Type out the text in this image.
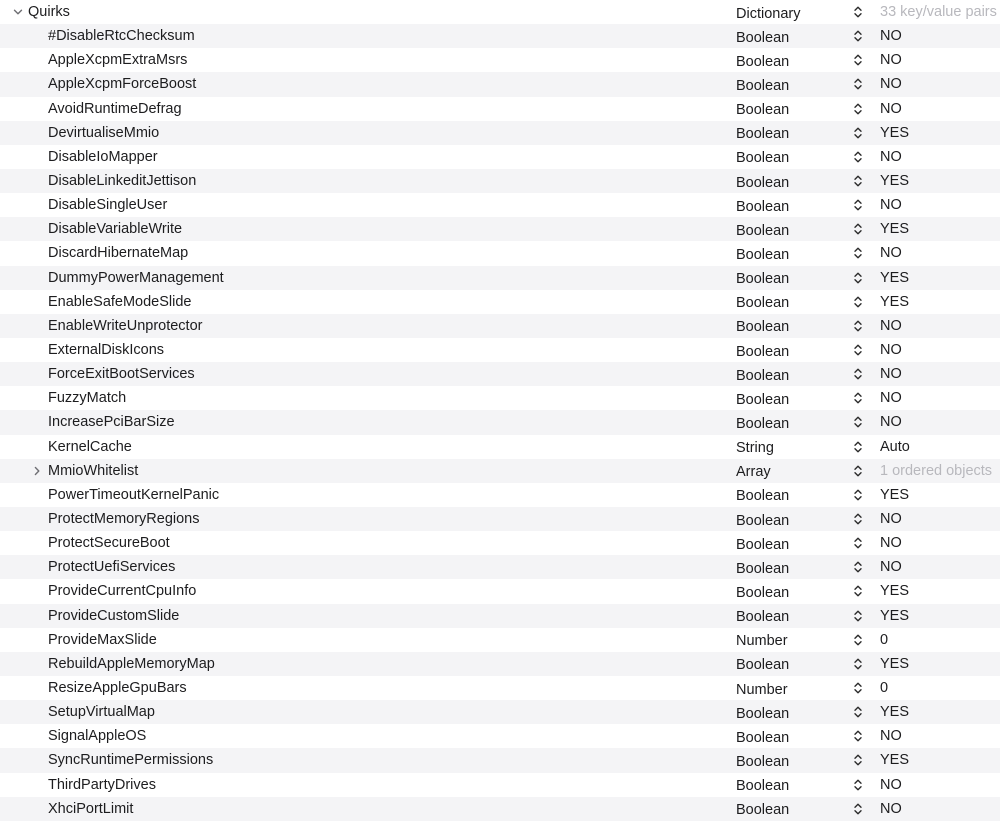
Quirks	Dictionary	33 key/value pairs
#DisableRtcChecksum	Boolean	NO
AppleXcpmExtraMsrs	Boolean	NO
AppleXcpmForceBoost	Boolean	NO
AvoidRuntimeDefrag	Boolean	NO
DevirtualiseMmio	Boolean	YES
DisableIoMapper	Boolean	NO
DisableLinkeditJettison	Boolean	YES
DisableSingleUser	Boolean	NO
DisableVariableWrite	Boolean	YES
DiscardHibernateMap	Boolean	NO
DummyPowerManagement	Boolean	YES
EnableSafeModeSlide	Boolean	YES
EnableWriteUnprotector	Boolean	NO
ExternalDiskIcons	Boolean	NO
ForceExitBootServices	Boolean	NO
FuzzyMatch	Boolean	NO
IncreasePciBarSize	Boolean	NO
KernelCache	String	Auto
MmioWhitelist	Array	1 ordered objects
PowerTimeoutKernelPanic	Boolean	YES
ProtectMemoryRegions	Boolean	NO
ProtectSecureBoot	Boolean	NO
ProtectUefiServices	Boolean	NO
ProvideCurrentCpuInfo	Boolean	YES
ProvideCustomSlide	Boolean	YES
ProvideMaxSlide	Number	0
RebuildAppleMemoryMap	Boolean	YES
ResizeAppleGpuBars	Number	0
SetupVirtualMap	Boolean	YES
SignalAppleOS	Boolean	NO
SyncRuntimePermissions	Boolean	YES
ThirdPartyDrives	Boolean	NO
XhciPortLimit	Boolean	NO
